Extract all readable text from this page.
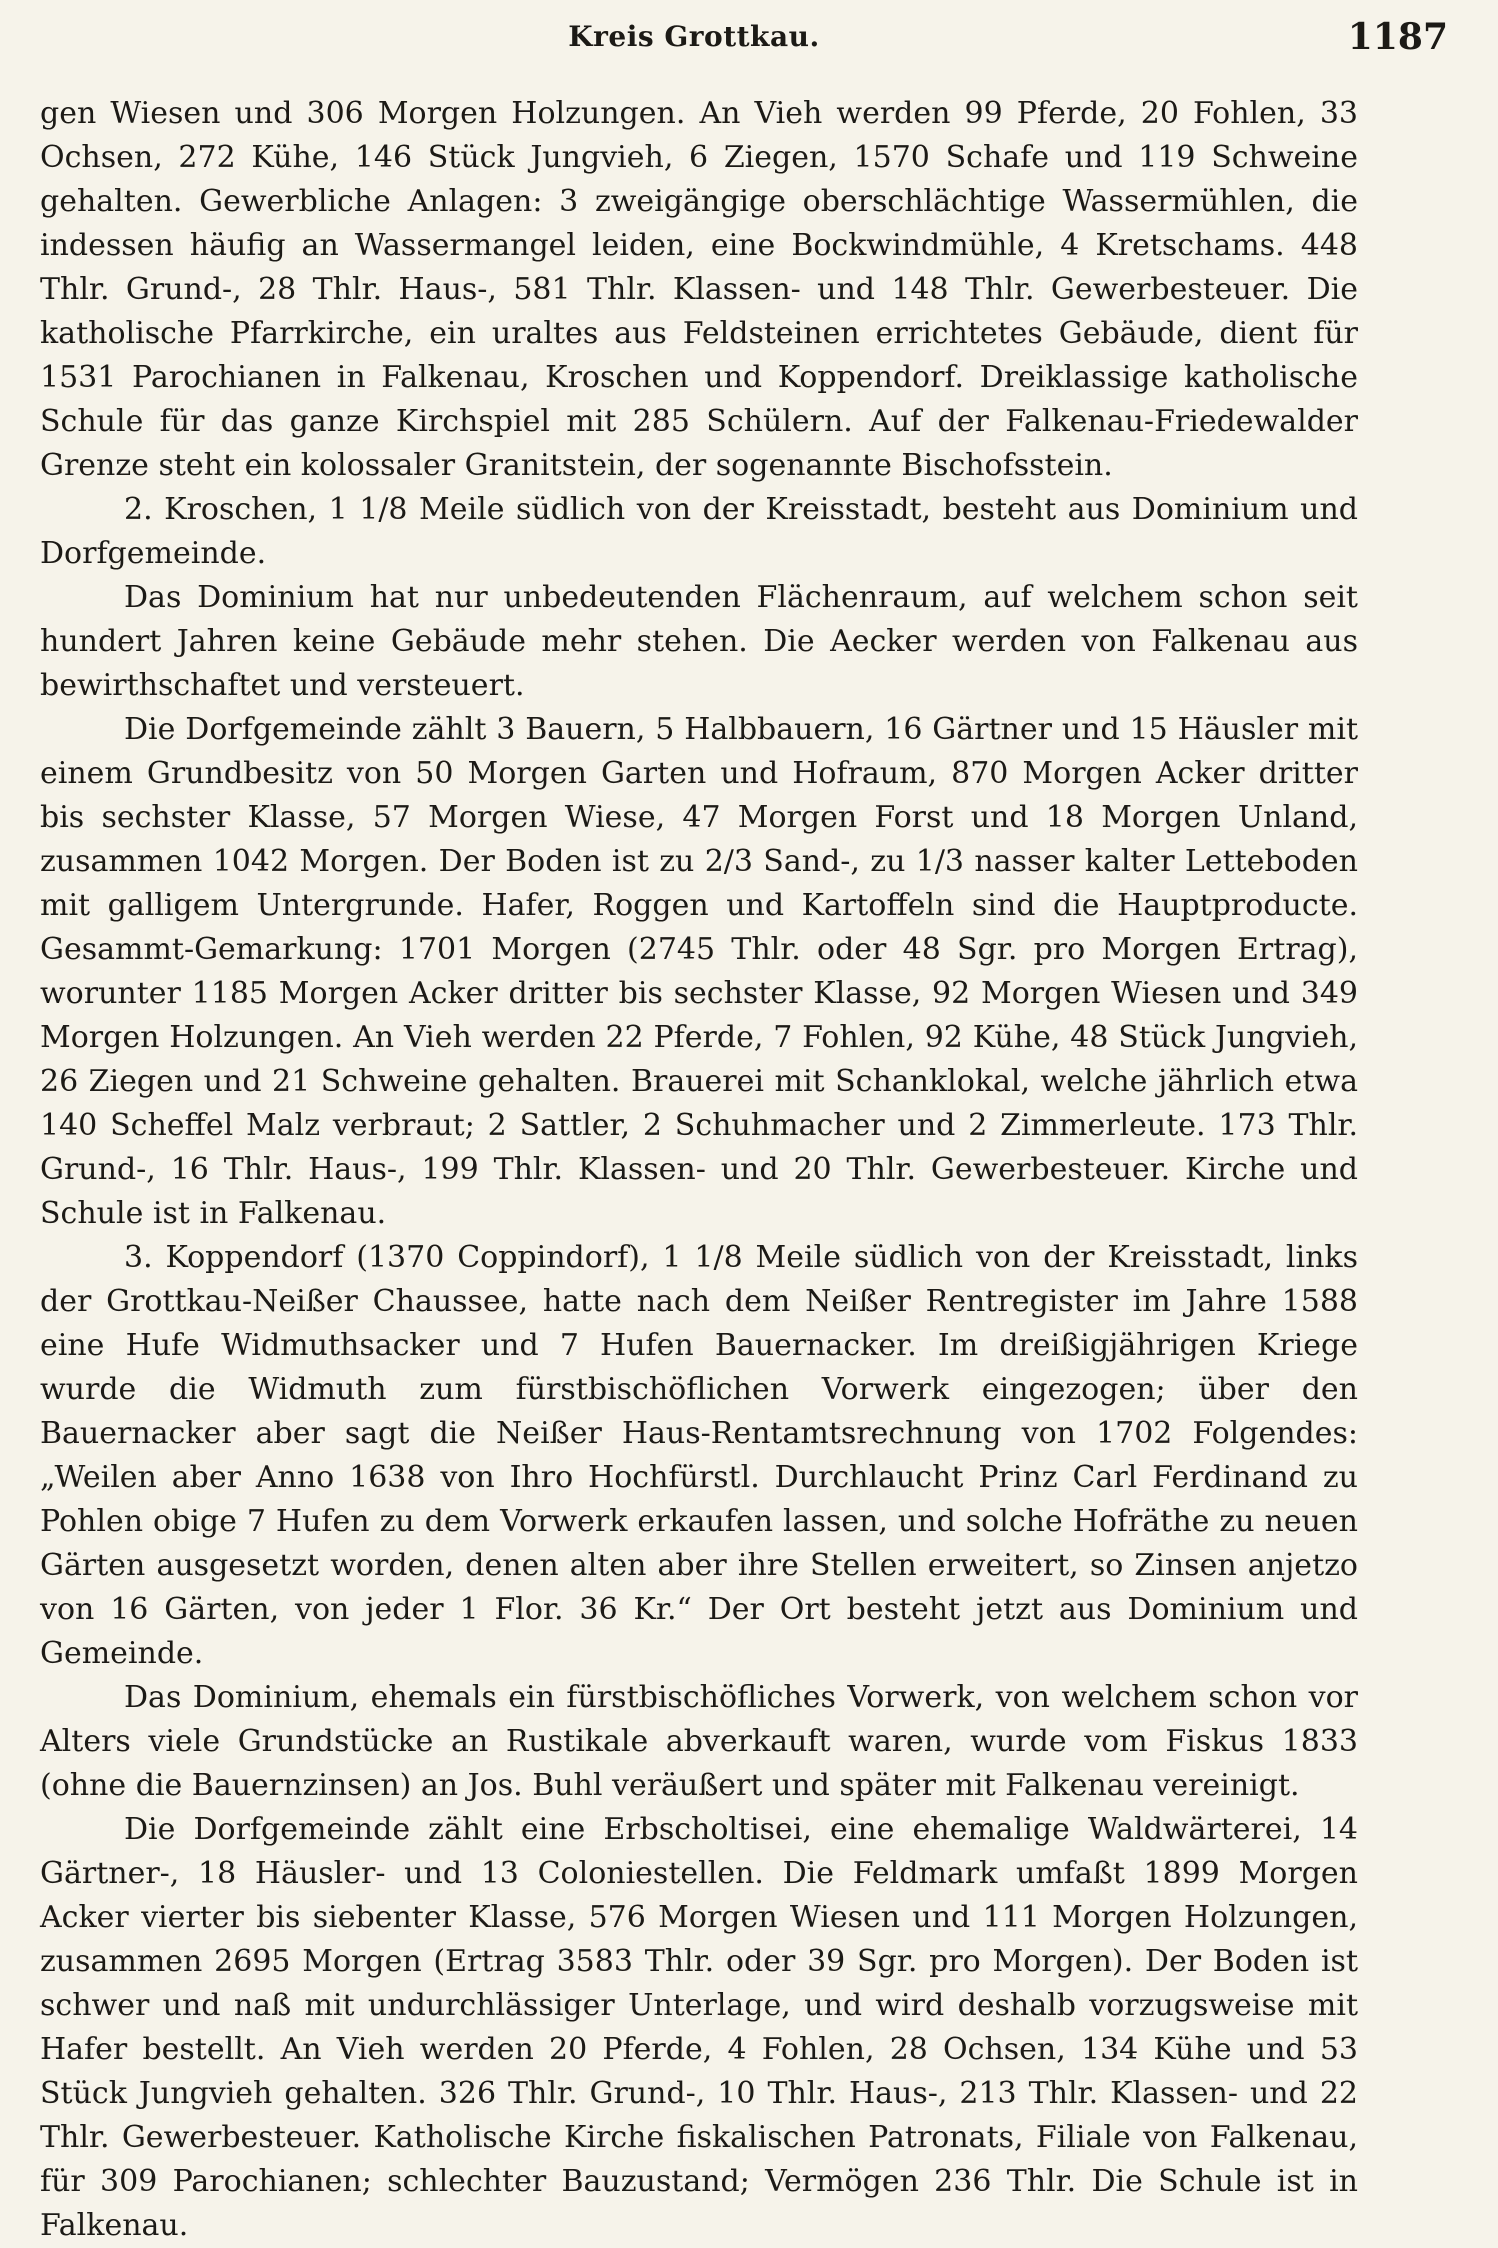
Kreis Grottkau.	1187

gen Wiesen und 306 Morgen Holzungen. An Vieh werden 99 Pferde, 20 Fohlen, 33 Ochsen, 272 Kühe, 146 Stück Jungvieh, 6 Ziegen, 1570 Schafe und 119 Schweine gehalten. Gewerbliche Anlagen: 3 zweigängige oberschlächtige Wassermühlen, die indessen häufig an Wassermangel leiden, eine Bockwindmühle, 4 Kretschams. 448 Thlr. Grund-, 28 Thlr. Haus-, 581 Thlr. Klassen- und 148 Thlr. Gewerbesteuer. Die katholische Pfarrkirche, ein uraltes aus Feldsteinen errichtetes Gebäude, dient für 1531 Parochianen in Falkenau, Kroschen und Koppendorf. Dreiklassige katholische Schule für das ganze Kirchspiel mit 285 Schülern. Auf der Falkenau-Friedewalder Grenze steht ein kolossaler Granitstein, der sogenannte Bischofsstein.

2. Kroschen, 1 1/8 Meile südlich von der Kreisstadt, besteht aus Dominium und Dorfgemeinde.

Das Dominium hat nur unbedeutenden Flächenraum, auf welchem schon seit hundert Jahren keine Gebäude mehr stehen. Die Aecker werden von Falkenau aus bewirthschaftet und versteuert.

Die Dorfgemeinde zählt 3 Bauern, 5 Halbbauern, 16 Gärtner und 15 Häusler mit einem Grundbesitz von 50 Morgen Garten und Hofraum, 870 Morgen Acker dritter bis sechster Klasse, 57 Morgen Wiese, 47 Morgen Forst und 18 Morgen Unland, zusammen 1042 Morgen. Der Boden ist zu 2/3 Sand-, zu 1/3 nasser kalter Letteboden mit galligem Untergrunde. Hafer, Roggen und Kartoffeln sind die Hauptproducte. Gesammt-Gemarkung: 1701 Morgen (2745 Thlr. oder 48 Sgr. pro Morgen Ertrag), worunter 1185 Morgen Acker dritter bis sechster Klasse, 92 Morgen Wiesen und 349 Morgen Holzungen. An Vieh werden 22 Pferde, 7 Fohlen, 92 Kühe, 48 Stück Jungvieh, 26 Ziegen und 21 Schweine gehalten. Brauerei mit Schanklokal, welche jährlich etwa 140 Scheffel Malz verbraut; 2 Sattler, 2 Schuhmacher und 2 Zimmerleute. 173 Thlr. Grund-, 16 Thlr. Haus-, 199 Thlr. Klassen- und 20 Thlr. Gewerbesteuer. Kirche und Schule ist in Falkenau.

3. Koppendorf (1370 Coppindorf), 1 1/8 Meile südlich von der Kreisstadt, links der Grottkau-Neißer Chaussee, hatte nach dem Neißer Rentregister im Jahre 1588 eine Hufe Widmuthsacker und 7 Hufen Bauernacker. Im dreißigjährigen Kriege wurde die Widmuth zum fürstbischöflichen Vorwerk eingezogen; über den Bauernacker aber sagt die Neißer Haus-Rentamtsrechnung von 1702 Folgendes: „Weilen aber Anno 1638 von Ihro Hochfürstl. Durchlaucht Prinz Carl Ferdinand zu Pohlen obige 7 Hufen zu dem Vorwerk erkaufen lassen, und solche Hofräthe zu neuen Gärten ausgesetzt worden, denen alten aber ihre Stellen erweitert, so Zinsen anjetzo von 16 Gärten, von jeder 1 Flor. 36 Kr.“ Der Ort besteht jetzt aus Dominium und Gemeinde.

Das Dominium, ehemals ein fürstbischöfliches Vorwerk, von welchem schon vor Alters viele Grundstücke an Rustikale abverkauft waren, wurde vom Fiskus 1833 (ohne die Bauernzinsen) an Jos. Buhl veräußert und später mit Falkenau vereinigt.

Die Dorfgemeinde zählt eine Erbscholtisei, eine ehemalige Waldwärterei, 14 Gärtner-, 18 Häusler- und 13 Coloniestellen. Die Feldmark umfaßt 1899 Morgen Acker vierter bis siebenter Klasse, 576 Morgen Wiesen und 111 Morgen Holzungen, zusammen 2695 Morgen (Ertrag 3583 Thlr. oder 39 Sgr. pro Morgen). Der Boden ist schwer und naß mit undurchlässiger Unterlage, und wird deshalb vorzugsweise mit Hafer bestellt. An Vieh werden 20 Pferde, 4 Fohlen, 28 Ochsen, 134 Kühe und 53 Stück Jungvieh gehalten. 326 Thlr. Grund-, 10 Thlr. Haus-, 213 Thlr. Klassen- und 22 Thlr. Gewerbesteuer. Katholische Kirche fiskalischen Patronats, Filiale von Falkenau, für 309 Parochianen; schlechter Bauzustand; Vermögen 236 Thlr. Die Schule ist in Falkenau.
